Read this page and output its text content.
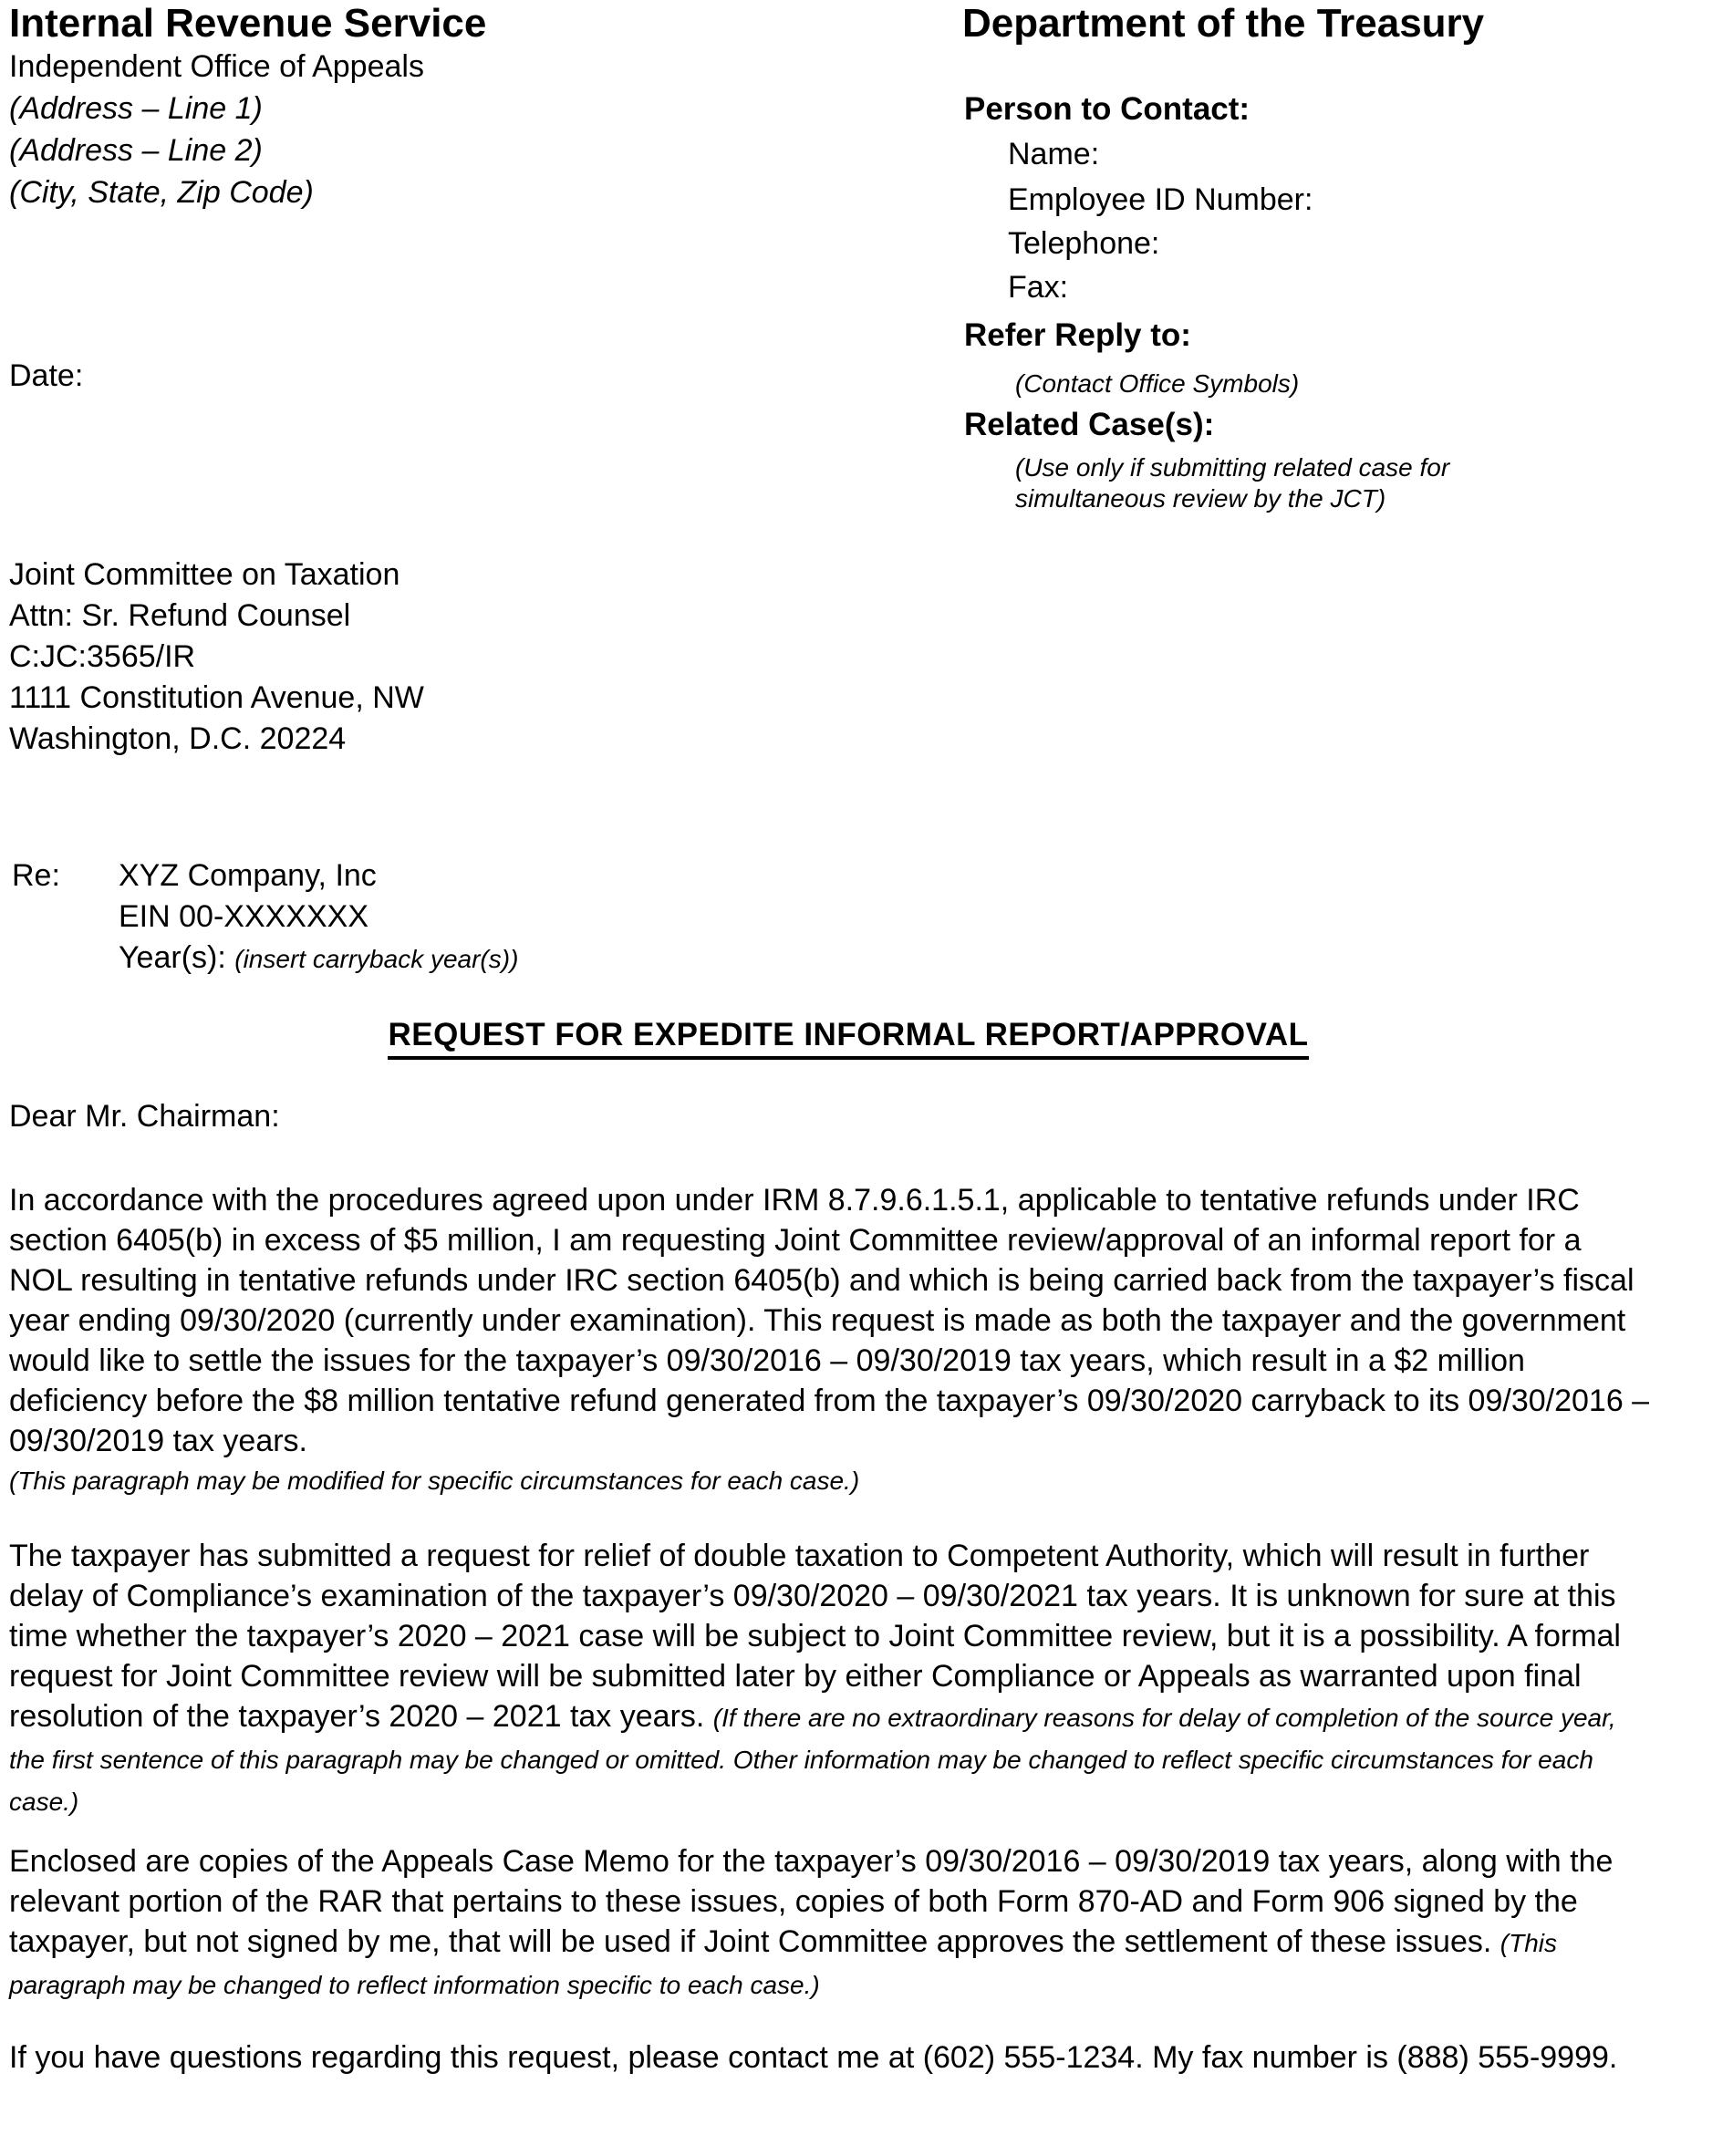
Internal Revenue Service
Independent Office of Appeals
(Address – Line 1)
(Address – Line 2)
(City, State, Zip Code)
Date:
Department of the Treasury
Person to Contact:
Name:
Employee ID Number:
Telephone:
Fax:
Refer Reply to:
(Contact Office Symbols)
Related Case(s):
(Use only if submitting related case for simultaneous review by the JCT)
Joint Committee on Taxation
Attn: Sr. Refund Counsel
C:JC:3565/IR
1111 Constitution Avenue, NW
Washington, D.C. 20224
Re: XYZ Company, Inc
EIN 00-XXXXXXX
Year(s): (insert carryback year(s))
REQUEST FOR EXPEDITE INFORMAL REPORT/APPROVAL
Dear Mr. Chairman:
In accordance with the procedures agreed upon under IRM 8.7.9.6.1.5.1, applicable to tentative refunds under IRC section 6405(b) in excess of $5 million, I am requesting Joint Committee review/approval of an informal report for a NOL resulting in tentative refunds under IRC section 6405(b) and which is being carried back from the taxpayer’s fiscal year ending 09/30/2020 (currently under examination). This request is made as both the taxpayer and the government would like to settle the issues for the taxpayer’s 09/30/2016 – 09/30/2019 tax years, which result in a $2 million deficiency before the $8 million tentative refund generated from the taxpayer’s 09/30/2020 carryback to its 09/30/2016 – 09/30/2019 tax years.
(This paragraph may be modified for specific circumstances for each case.)
The taxpayer has submitted a request for relief of double taxation to Competent Authority, which will result in further delay of Compliance’s examination of the taxpayer’s 09/30/2020 – 09/30/2021 tax years. It is unknown for sure at this time whether the taxpayer’s 2020 – 2021 case will be subject to Joint Committee review, but it is a possibility. A formal request for Joint Committee review will be submitted later by either Compliance or Appeals as warranted upon final resolution of the taxpayer’s 2020 – 2021 tax years. (If there are no extraordinary reasons for delay of completion of the source year, the first sentence of this paragraph may be changed or omitted. Other information may be changed to reflect specific circumstances for each case.)
Enclosed are copies of the Appeals Case Memo for the taxpayer’s 09/30/2016 – 09/30/2019 tax years, along with the relevant portion of the RAR that pertains to these issues, copies of both Form 870-AD and Form 906 signed by the taxpayer, but not signed by me, that will be used if Joint Committee approves the settlement of these issues. (This paragraph may be changed to reflect information specific to each case.)
If you have questions regarding this request, please contact me at (602) 555-1234. My fax number is (888) 555-9999.
